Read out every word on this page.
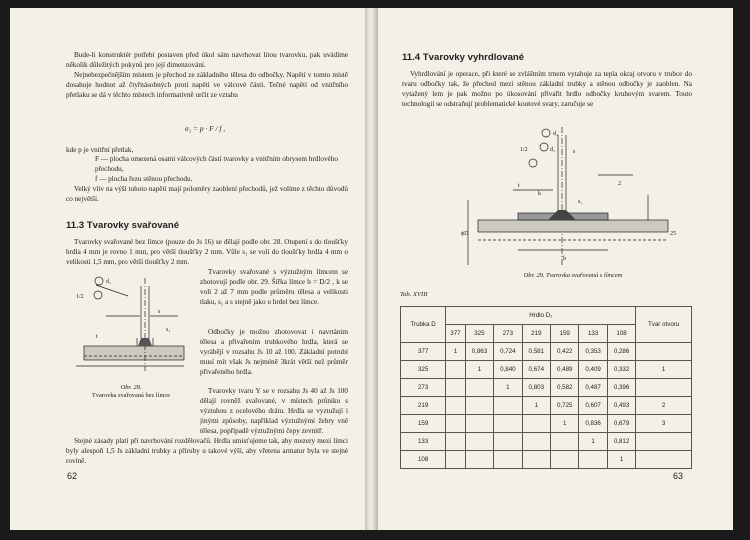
Bude-li konstruktér potřebí postaven před úkol sám navrhovat litou tvarovku, pak uvádíme několik důležitých pokynů pro její dimenzování.

Nejnebezpečnějším místem je přechod ze základního tělesa do odbočky. Napětí v tomto místě dosahuje hodnot až čtyřnásobných proti napětí ve válcové části. Tečné napětí od vnitřního přetlaku se dá v těchto místech informativně určit ze vztahu

σ₁ = p · F / f ,
kde p je vnitřní přetlak,
F — plocha omezená osami válcových částí tvarovky a vnitřním obrysem hrdlového přechodu,
f — plocha řezu stěnou přechodu.

Velký vliv na výši tohoto napětí mají poloměry zaoblení přechodů, jež volíme z těchto důvodů co největší.

11.3 Tvarovky svařované

Tvarovky svařované bez límce (pouze do Js 16) se dělají podle obr. 28. Otupení s do tloušťky hrdla 4 mm je rovno 1 mm, pro větší tloušťky 2 mm. Vůle s₁ se volí do tloušťky hrdla 4 mm o velikosti 1,5 mm, pro větší tloušťky 2 mm.

d₁
1/2
s
s₁
t
Obr. 28.
Tvarovka svařovaná bez límce

Tvarovky svařované s výztužným límcem se zhotovují podle obr. 29. Šířka límce b = D/2 , k se volí 2 až 7 mm podle průměru tělesa a velikosti tlaku, s₁ a s stejně jako u hrdel bez límce.

Odbočky je možno zhotovovat i navrtáním tělesa a přivařením trubkového hrdla, která se vyrábějí v rozsahu Js 10 až 100. Základní potrubí musí mít však Js nejméně 3krát větší než průměr přivařeného hrdla.

Tvarovky tvaru Y se v rozsahu Js 40 až Js 100 dělají rovněž svařované, v místech průniku s výztuhou z ocelového drátu. Hrdla se vyztužují i jinými způsoby, například výztužnými žebry vně tělesa, popřípadě výztužnými čepy zevnitř.

Stejné zásady platí při navrhování rozdělovačů. Hrdla umisťujeme tak, aby mezery mezi límci byly alespoň 1,5 Js základní trubky a příruby u takové výši, aby vřetena armatur byla ve stejné rovině.

62
11.4 Tvarovky vyhrdlované

Vyhrdlování je operace, při které se zvláštním trnem vytahuje za tepla okraj otvoru v trubce do tvaru odbočky tak, že přechod mezi stěnou základní trubky a stěnou odbočky je zaoblen. Na vytažený lem je pak možno po úkosování přivařit hrdlo odbočky kruhovým svarem. Touto technologií se odstraňují problematické koutové svary, zaručuje se

d₁
1/2	d₂	s
k
t
s₁
b
ϕD	25
2
Obr. 29. Tvarovka svařovaná s límcem
Tab. XVIII
Trubka D	Hrdlo D₁							Tvar otvoru
	377	325	273	219	159	133	108	
377	1	0,863	0,724	0,581	0,422	0,353	0,286	
325		1	0,840	0,674	0,489	0,409	0,332	1
273			1	0,803	0,582	0,487	0,396	
219				1	0,725	0,607	0,493	2
159					1	0,836	0,679	3
133						1	0,812	
108							1	
63
